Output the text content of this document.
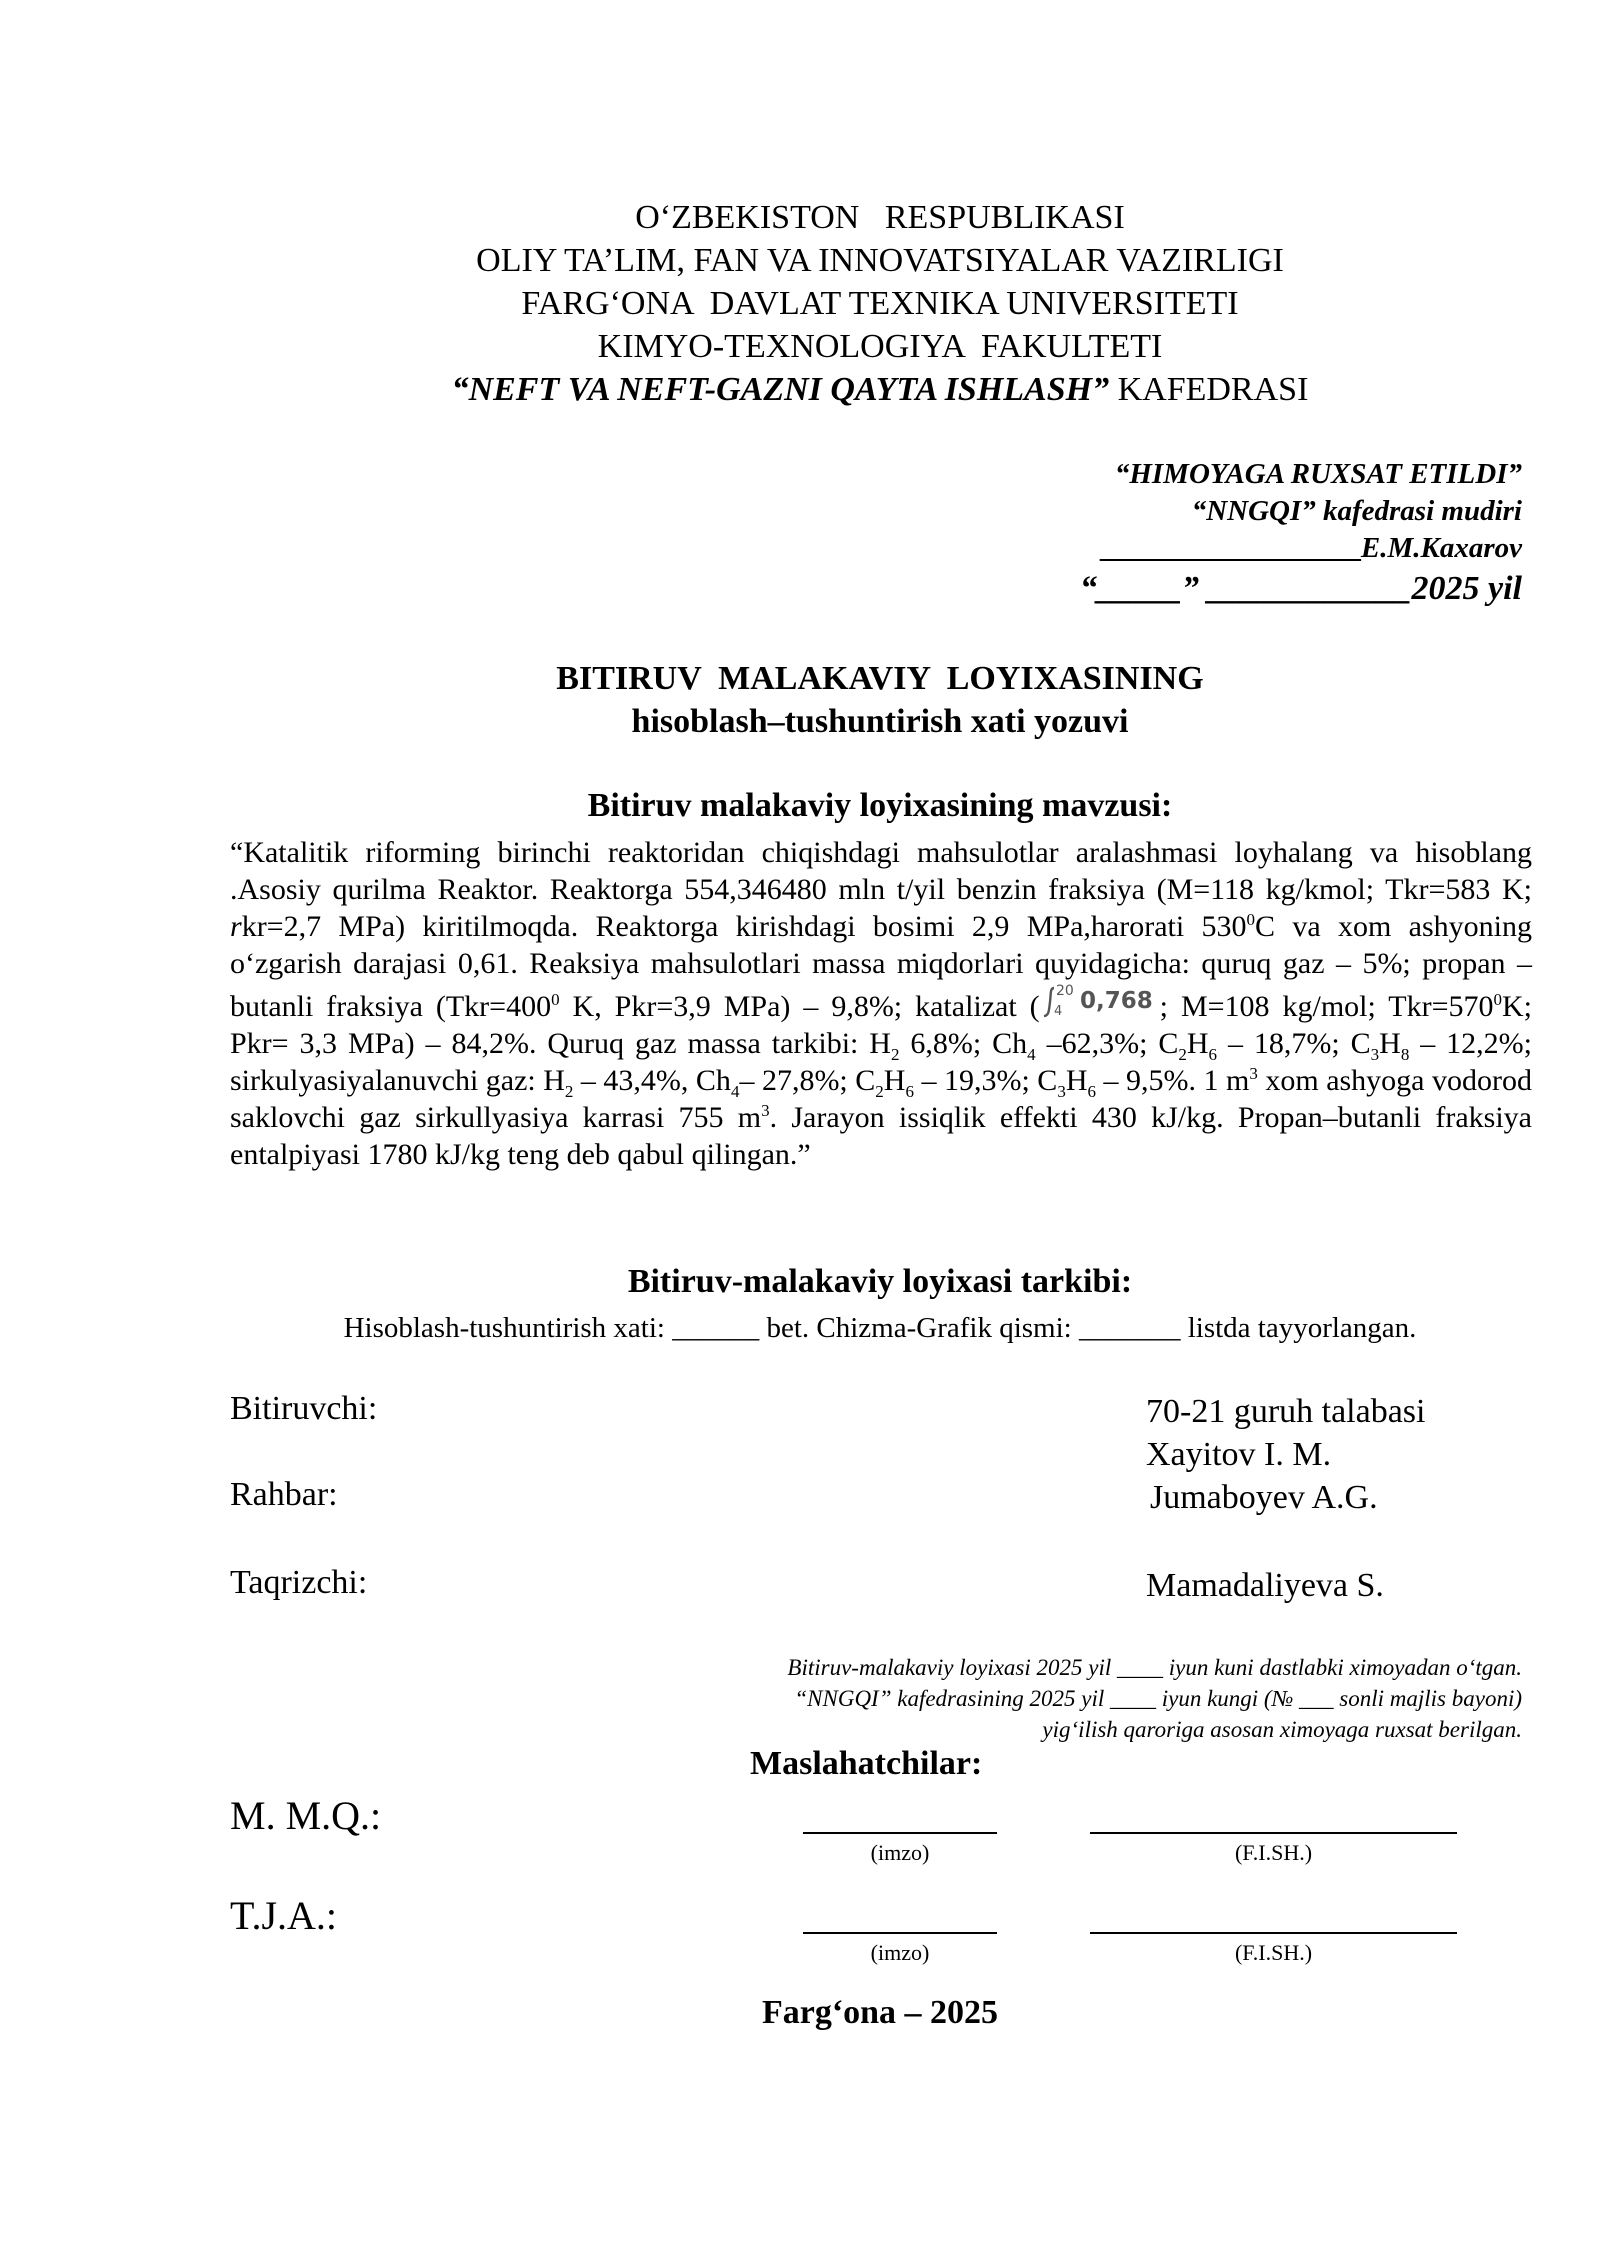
O‘ZBEKISTON   RESPUBLIKASI
OLIY TA’LIM, FAN VA INNOVATSIYALAR VAZIRLIGI
FARG‘ONA  DAVLAT TEXNIKA UNIVERSITETI
KIMYO-TEXNOLOGIYA  FAKULTETI
“NEFT VA NEFT-GAZNI QAYTA ISHLASH” KAFEDRASI
“HIMOYAGA RUXSAT ETILDI”
“NNGQI” kafedrasi mudiri
__________________E.M.Kaxarov
“_____” ____________2025 yil
BITIRUV  MALAKAVIY  LOYIXASINING
hisoblash–tushuntirish xati yozuvi
Bitiruv malakaviy loyixasining mavzusi:

“Katalitik riforming birinchi reaktoridan chiqishdagi mahsulotlar aralashmasi loyhalang va hisoblang .Asosiy qurilma Reaktor. Reaktorga 554,346480 mln t/yil benzin fraksiya (M=118 kg/kmol; Tkr=583 K; rkr=2,7 MPa) kiritilmoqda. Reaktorga kirishdagi bosimi 2,9 MPa,harorati $530^0C$ va xom ashyoning o‘zgarish darajasi 0,61. Reaksiya mahsulotlari massa miqdorlari quyidagicha: quruq gaz – 5%; propan – butanli fraksiya ($Tkr=400^0$ K, Pkr=3,9 MPa) – 9,8%; katalizat ( 20
4 0,768 ; M=108 kg/mol; $Tkr=570^0K$; Pkr= 3,3 MPa) – 84,2%. Quruq gaz massa tarkibi: $H_2$ 6,8%; $Ch_4$ –62,3%; $C_2H_6 - 18,7\%$; $C_3H_8 - 12,2\%$; sirkulyasiyalanuvchi gaz: $H_2 - 43,4\%$, $Ch_4-$ 27,8%; $C_2H_6 - 19,3\%$; $C_3H_6 - 9,5\%$. 1 $m^3$ xom ashyoga vodorod saklovchi gaz sirkullyasiya karrasi 755 $m^3$. Jarayon issiqlik effekti 430 kJ/kg. Propan–butanli fraksiya entalpiyasi 1780 kJ/kg teng deb qabul qilingan.”

Bitiruv-malakaviy loyixasi tarkibi:
Hisoblash-tushuntirish xati: ______ bet. Chizma-Grafik qismi: _______ listda tayyorlangan.
Bitiruvchi:	70-21 guruh talabasi
Xayitov I. M.
Rahbar:	Jumaboyev A.G.
Taqrizchi:	Mamadaliyeva S.
Bitiruv-malakaviy loyixasi 2025 yil ____ iyun kuni dastlabki ximoyadan o‘tgan.
“NNGQI” kafedrasining 2025 yil ____ iyun kungi (№ ___ sonli majlis bayoni)
yig‘ilish qaroriga asosan ximoyaga ruxsat berilgan.
Maslahatchilar:
M. M.Q.:
(imzo)	(F.I.SH.)
T.J.A.:
(imzo)	(F.I.SH.)
Farg‘ona – 2025
